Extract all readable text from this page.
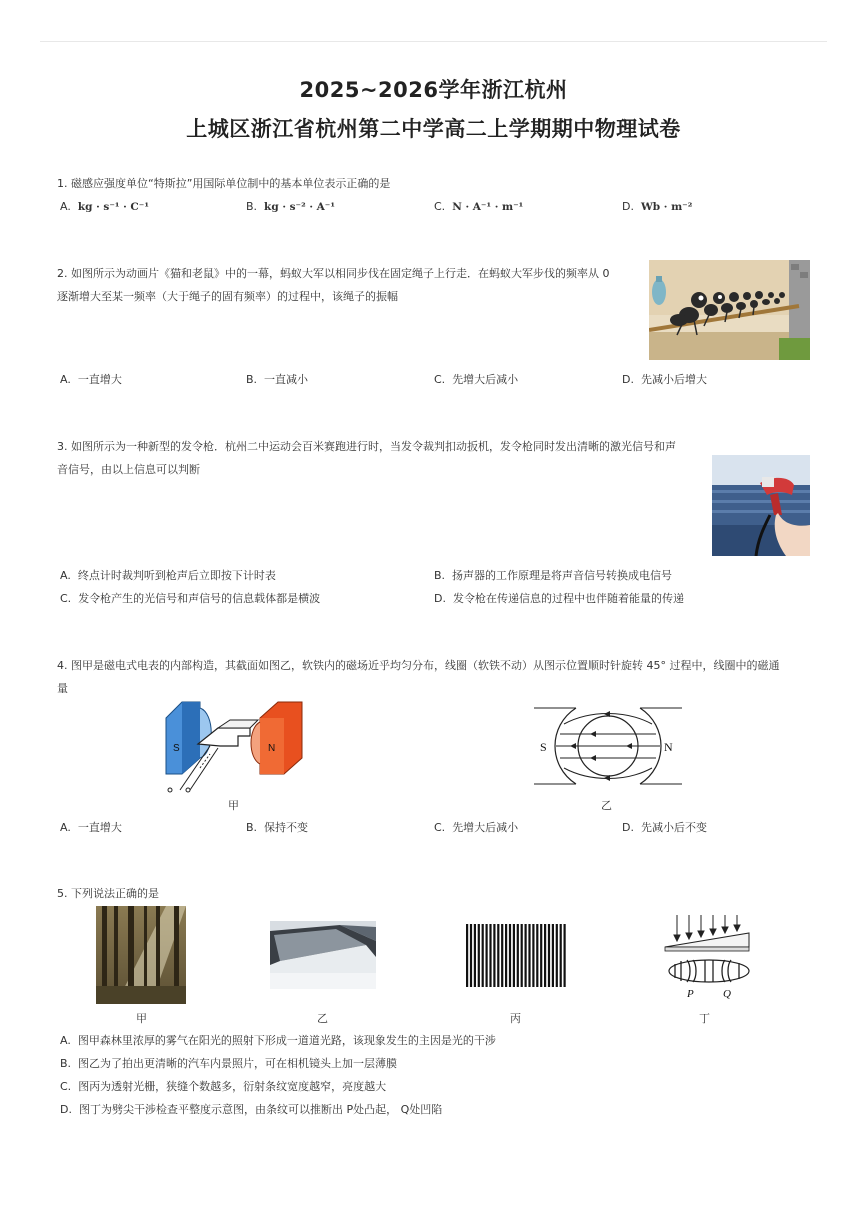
2025~2026学年浙江杭州
上城区浙江省杭州第二中学高二上学期期中物理试卷
1. 磁感应强度单位“特斯拉”用国际单位制中的基本单位表示正确的是
A. kg · s⁻¹ · C⁻¹	B. kg · s⁻² · A⁻¹	C. N · A⁻¹ · m⁻¹	D. Wb · m⁻²
2. 如图所示为动画片《猫和老鼠》中的一幕，蚂蚁大军以相同步伐在固定绳子上行走．在蚂蚁大军步伐的频率从 0
逐渐增大至某一频率（大于绳子的固有频率）的过程中，该绳子的振幅
A. 一直增大	B. 一直减小	C. 先增大后减小	D. 先减小后增大
3. 如图所示为一种新型的发令枪．杭州二中运动会百米赛跑进行时，当发令裁判扣动扳机，发令枪同时发出清晰的激光信号和声
音信号，由以上信息可以判断
A. 终点计时裁判听到枪声后立即按下计时表	B. 扬声器的工作原理是将声音信号转换成电信号
C. 发令枪产生的光信号和声信号的信息载体都是横波	D. 发令枪在传递信息的过程中也伴随着能量的传递
4. 图甲是磁电式电表的内部构造，其截面如图乙，软铁内的磁场近乎均匀分布，线圈（软铁不动）从图示位置顺时针旋转 45° 过程中，线圈中的磁通
量
S	N
甲
S	N
乙
A. 一直增大	B. 保持不变	C. 先增大后减小	D. 先减小后不变
5. 下列说法正确的是
P	Q
甲	乙	丙	丁
A. 图甲森林里浓厚的雾气在阳光的照射下形成一道道光路，该现象发生的主因是光的干涉
B. 图乙为了拍出更清晰的汽车内景照片，可在相机镜头上加一层薄膜
C. 图丙为透射光栅，狭缝个数越多，衍射条纹宽度越窄，亮度越大
D. 图丁为劈尖干涉检查平整度示意图，由条纹可以推断出 P处凸起， Q处凹陷
